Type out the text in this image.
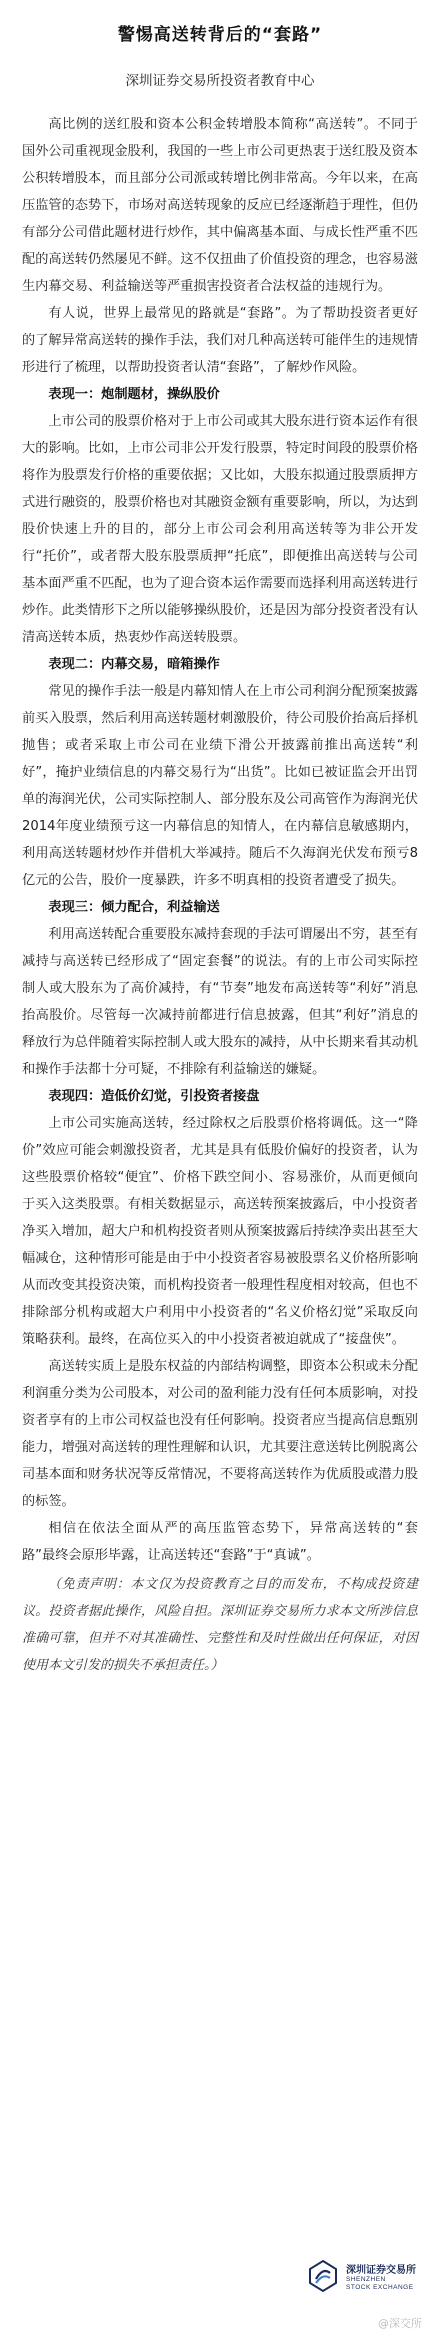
警惕高送转背后的“套路”
深圳证券交易所投资者教育中心

高比例的送红股和资本公积金转增股本简称“高送转”。不同于国外公司重视现金股利，我国的一些上市公司更热衷于送红股及资本公积转增股本，而且部分公司派或转增比例非常高。今年以来，在高压监管的态势下，市场对高送转现象的反应已经逐渐趋于理性，但仍有部分公司借此题材进行炒作，其中偏离基本面、与成长性严重不匹配的高送转仍然屡见不鲜。这不仅扭曲了价值投资的理念，也容易滋生内幕交易、利益输送等严重损害投资者合法权益的违规行为。

有人说，世界上最常见的路就是“套路”。为了帮助投资者更好的了解异常高送转的操作手法，我们对几种高送转可能伴生的违规情形进行了梳理，以帮助投资者认清“套路”，了解炒作风险。

表现一：炮制题材，操纵股价

上市公司的股票价格对于上市公司或其大股东进行资本运作有很大的影响。比如，上市公司非公开发行股票，特定时间段的股票价格将作为股票发行价格的重要依据；又比如，大股东拟通过股票质押方式进行融资的，股票价格也对其融资金额有重要影响，所以，为达到股价快速上升的目的，部分上市公司会利用高送转等为非公开发行“托价”，或者帮大股东股票质押“托底”，即便推出高送转与公司基本面严重不匹配，也为了迎合资本运作需要而选择利用高送转进行炒作。此类情形下之所以能够操纵股价，还是因为部分投资者没有认清高送转本质，热衷炒作高送转股票。

表现二：内幕交易，暗箱操作

常见的操作手法一般是内幕知情人在上市公司利润分配预案披露前买入股票，然后利用高送转题材刺激股价，待公司股价抬高后择机抛售；或者采取上市公司在业绩下滑公开披露前推出高送转“利好”，掩护业绩信息的内幕交易行为“出货”。比如已被证监会开出罚单的海润光伏，公司实际控制人、部分股东及公司高管作为海润光伏2014年度业绩预亏这一内幕信息的知情人，在内幕信息敏感期内，利用高送转题材炒作并借机大举减持。随后不久海润光伏发布预亏8亿元的公告，股价一度暴跌，许多不明真相的投资者遭受了损失。

表现三：倾力配合，利益输送

利用高送转配合重要股东减持套现的手法可谓屡出不穷，甚至有减持与高送转已经形成了“固定套餐”的说法。有的上市公司实际控制人或大股东为了高价减持，有“节奏”地发布高送转等“利好”消息抬高股价。尽管每一次减持前都进行信息披露，但其“利好”消息的释放行为总伴随着实际控制人或大股东的减持，从中长期来看其动机和操作手法都十分可疑，不排除有利益输送的嫌疑。

表现四：造低价幻觉，引投资者接盘

上市公司实施高送转，经过除权之后股票价格将调低。这一“降价”效应可能会刺激投资者，尤其是具有低股价偏好的投资者，认为这些股票价格较“便宜”、价格下跌空间小、容易涨价，从而更倾向于买入这类股票。有相关数据显示，高送转预案披露后，中小投资者净买入增加，超大户和机构投资者则从预案披露后持续净卖出甚至大幅减仓，这种情形可能是由于中小投资者容易被股票名义价格所影响从而改变其投资决策，而机构投资者一般理性程度相对较高，但也不排除部分机构或超大户利用中小投资者的“名义价格幻觉”采取反向策略获利。最终，在高位买入的中小投资者被迫就成了“接盘侠”。

高送转实质上是股东权益的内部结构调整，即资本公积或未分配利润重分类为公司股本，对公司的盈利能力没有任何本质影响，对投资者享有的上市公司权益也没有任何影响。投资者应当提高信息甄别能力，增强对高送转的理性理解和认识，尤其要注意送转比例脱离公司基本面和财务状况等反常情况，不要将高送转作为优质股或潜力股的标签。

相信在依法全面从严的高压监管态势下，异常高送转的“套路”最终会原形毕露，让高送转还“套路”于“真诚”。

（免责声明：本文仅为投资教育之目的而发布，不构成投资建议。投资者据此操作，风险自担。深圳证券交易所力求本文所涉信息准确可靠，但并不对其准确性、完整性和及时性做出任何保证，对因使用本文引发的损失不承担责任。）
深圳证券交易所
SHENZHEN
STOCK EXCHANGE
@深交所
